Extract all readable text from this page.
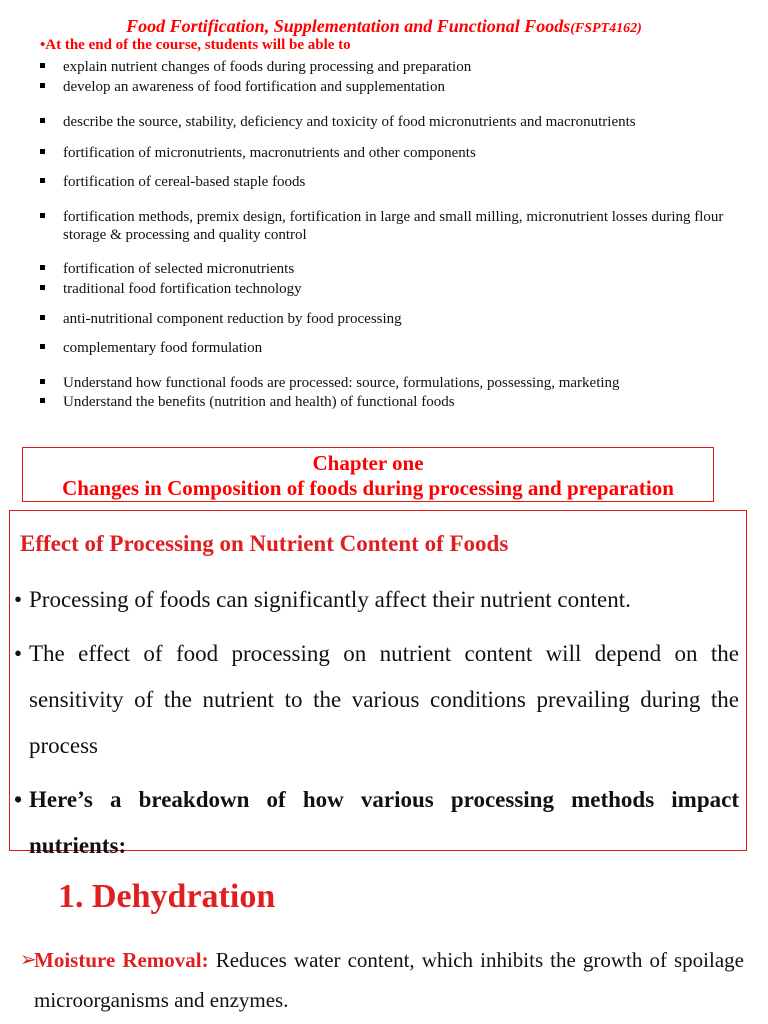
Food Fortification, Supplementation and Functional Foods(FSPT4162)
•At the end of the course, students will be able to
explain nutrient changes of foods during processing and preparation
develop an awareness of food fortification and supplementation
describe the source, stability, deficiency and toxicity of food micronutrients and macronutrients
fortification of micronutrients, macronutrients and other components
fortification of cereal-based staple foods
fortification methods, premix design, fortification in large and small milling, micronutrient losses during flour storage & processing and quality control
fortification of selected micronutrients
traditional food fortification technology
anti-nutritional component reduction by food processing
complementary food formulation
Understand how functional foods are processed: source, formulations, possessing, marketing
Understand the benefits (nutrition and health) of functional foods
Chapter one
Changes in Composition of foods during processing and preparation
Effect of Processing on Nutrient Content of Foods
• Processing of foods can significantly affect their nutrient content.
• The effect of food processing on nutrient content will depend on the sensitivity of the nutrient to the various conditions prevailing during the process
• Here’s a breakdown of how various processing methods impact nutrients:
1. Dehydration
➢
Moisture Removal: Reduces water content, which inhibits the growth of spoilage microorganisms and enzymes.
